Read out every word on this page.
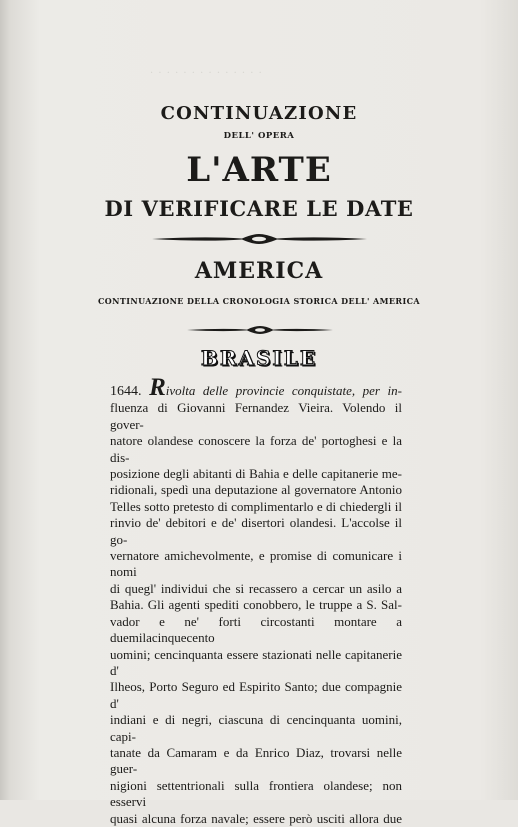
· · · · · · · · · · · · · ·
CONTINUAZIONE
DELL' OPERA
L'ARTE
DI VERIFICARE LE DATE
AMERICA
CONTINUAZIONE DELLA CRONOLOGIA STORICA DELL' AMERICA
BRASILE

1644. Rivolta delle provincie conquistate, per in-

fluenza di Giovanni Fernandez Vieira. Volendo il gover-

natore olandese conoscere la forza de' portoghesi e la dis-

posizione degli abitanti di Bahia e delle capitanerie me-

ridionali, spedì una deputazione al governatore Antonio

Telles sotto pretesto di complimentarlo e di chiedergli il

rinvio de' debitori e de' disertori olandesi. L'accolse il go-

vernatore amichevolmente, e promise di comunicare i nomi

di quegl' individui che si recassero a cercar un asilo a

Bahia. Gli agenti spediti conobbero, le truppe a S. Sal-

vador e ne' forti circostanti montare a duemilacinquecento

uomini; cencinquanta essere stazionati nelle capitanerie d'

Ilheos, Porto Seguro ed Espirito Santo; due compagnie d'

indiani e di negri, ciascuna di cencinquanta uomini, capi-

tanate da Camaram e da Enrico Diaz, trovarsi nelle guer-

nigioni settentrionali sulla frontiera olandese; non esservi

quasi alcuna forza navale; essere però usciti allora due
